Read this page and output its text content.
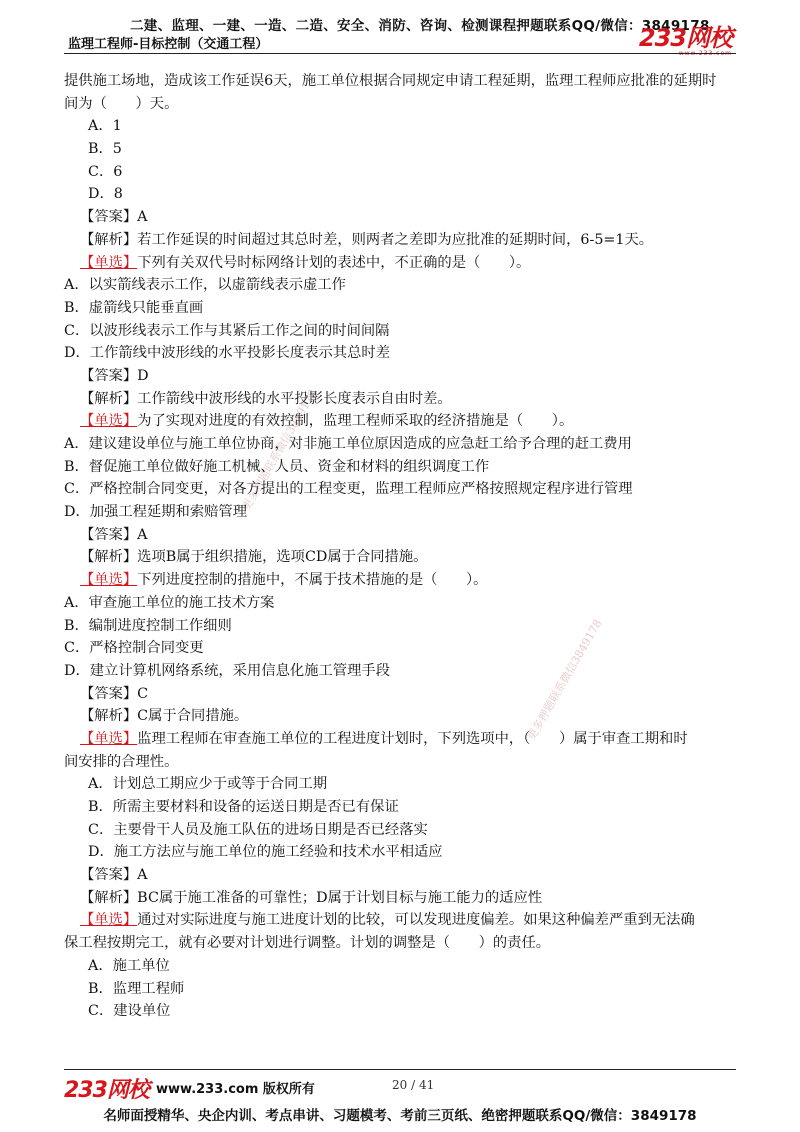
二建、监理、一建、一造、二造、安全、消防、咨询、检测课程押题联系QQ/微信：3849178
监理工程师-目标控制（交通工程）	233网校
www.233.com
更多押题联系微信3849178
更多押题联系微信3849178
提供施工场地，造成该工作延误6天，施工单位根据合同规定申请工程延期，监理工程师应批准的延期时
间为（　　）天。
A．1
B．5
C．6
D．8
【答案】A
【解析】若工作延误的时间超过其总时差，则两者之差即为应批准的延期时间，6-5=1天。
【单选】下列有关双代号时标网络计划的表述中，不正确的是（　　）。
A．以实箭线表示工作，以虚箭线表示虚工作
B．虚箭线只能垂直画
C．以波形线表示工作与其紧后工作之间的时间间隔
D．工作箭线中波形线的水平投影长度表示其总时差
【答案】D
【解析】工作箭线中波形线的水平投影长度表示自由时差。
【单选】为了实现对进度的有效控制，监理工程师采取的经济措施是（　　）。
A．建议建设单位与施工单位协商，对非施工单位原因造成的应急赶工给予合理的赶工费用
B．督促施工单位做好施工机械、人员、资金和材料的组织调度工作
C．严格控制合同变更，对各方提出的工程变更，监理工程师应严格按照规定程序进行管理
D．加强工程延期和索赔管理
【答案】A
【解析】选项B属于组织措施，选项CD属于合同措施。
【单选】下列进度控制的措施中，不属于技术措施的是（　　）。
A．审查施工单位的施工技术方案
B．编制进度控制工作细则
C．严格控制合同变更
D．建立计算机网络系统，采用信息化施工管理手段
【答案】C
【解析】C属于合同措施。
【单选】监理工程师在审查施工单位的工程进度计划时，下列选项中，（　　）属于审查工期和时
间安排的合理性。
A．计划总工期应少于或等于合同工期
B．所需主要材料和设备的运送日期是否已有保证
C．主要骨干人员及施工队伍的进场日期是否已经落实
D．施工方法应与施工单位的施工经验和技术水平相适应
【答案】A
【解析】BC属于施工准备的可靠性；D属于计划目标与施工能力的适应性
【单选】通过对实际进度与施工进度计划的比较，可以发现进度偏差。如果这种偏差严重到无法确
保工程按期完工，就有必要对计划进行调整。计划的调整是（　　）的责任。
A．施工单位
B．监理工程师
C．建设单位
233网校 www.233.com 版权所有	20 / 41
名师面授精华、央企内训、考点串讲、习题模考、考前三页纸、绝密押题联系QQ/微信：3849178
